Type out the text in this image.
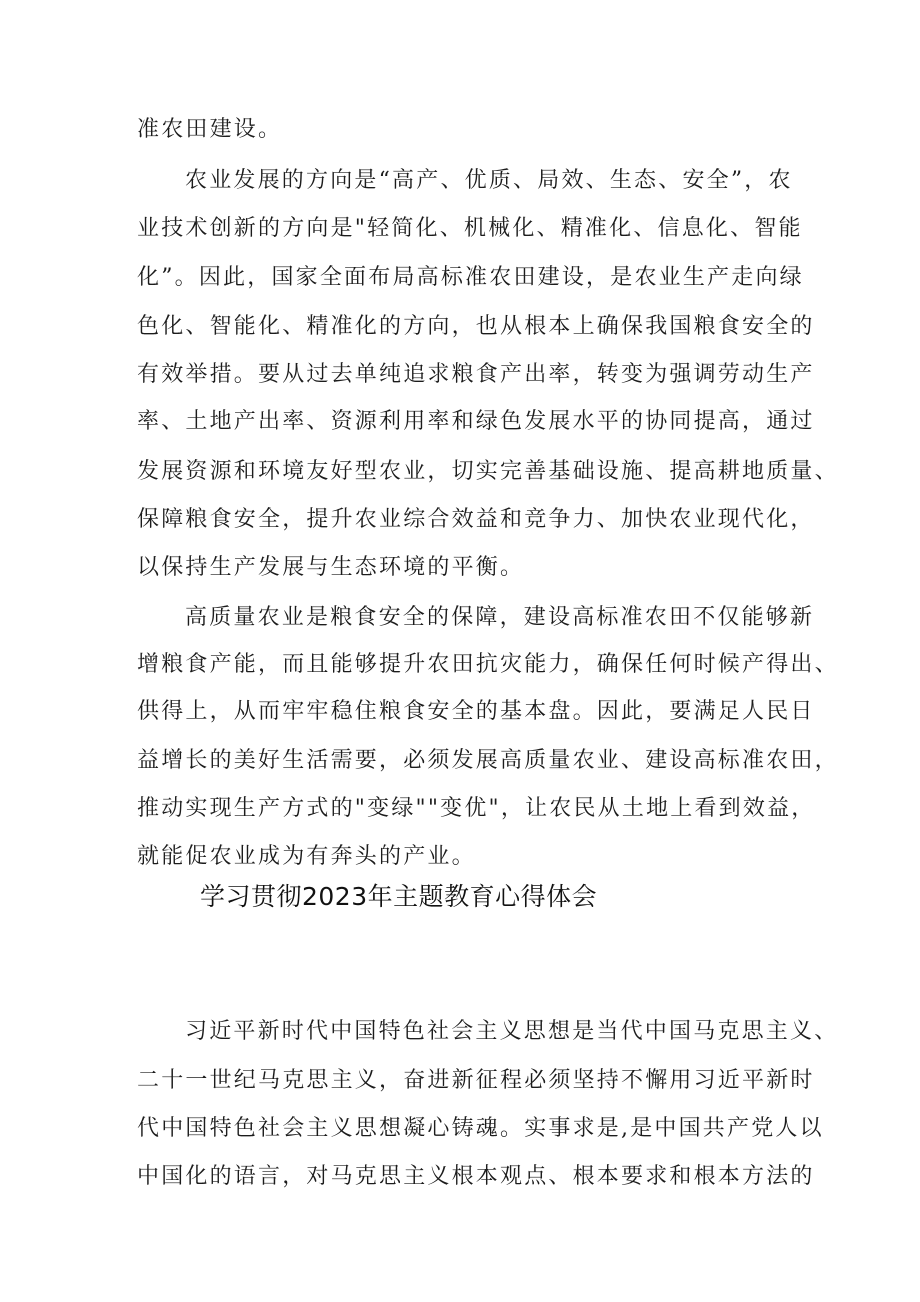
准农田建设。
农业发展的方向是“高产、优质、局效、生态、安全”，农
业技术创新的方向是"轻简化、机械化、精准化、信息化、智能
化”。因此，国家全面布局高标准农田建设，是农业生产走向绿
色化、智能化、精准化的方向，也从根本上确保我国粮食安全的
有效举措。要从过去单纯追求粮食产出率，转变为强调劳动生产
率、土地产出率、资源利用率和绿色发展水平的协同提高，通过
发展资源和环境友好型农业，切实完善基础设施、提高耕地质量、
保障粮食安全，提升农业综合效益和竞争力、加快农业现代化，
以保持生产发展与生态环境的平衡。
高质量农业是粮食安全的保障，建设高标准农田不仅能够新
增粮食产能，而且能够提升农田抗灾能力，确保任何时候产得出、
供得上，从而牢牢稳住粮食安全的基本盘。因此，要满足人民日
益增长的美好生活需要，必须发展高质量农业、建设高标准农田，
推动实现生产方式的"变绿""变优"，让农民从土地上看到效益，
就能促农业成为有奔头的产业。
学习贯彻2023年主题教育心得体会
习近平新时代中国特色社会主义思想是当代中国马克思主义、
二十一世纪马克思主义，奋进新征程必须坚持不懈用习近平新时
代中国特色社会主义思想凝心铸魂。实事求是,是中国共产党人以
中国化的语言，对马克思主义根本观点、根本要求和根本方法的
